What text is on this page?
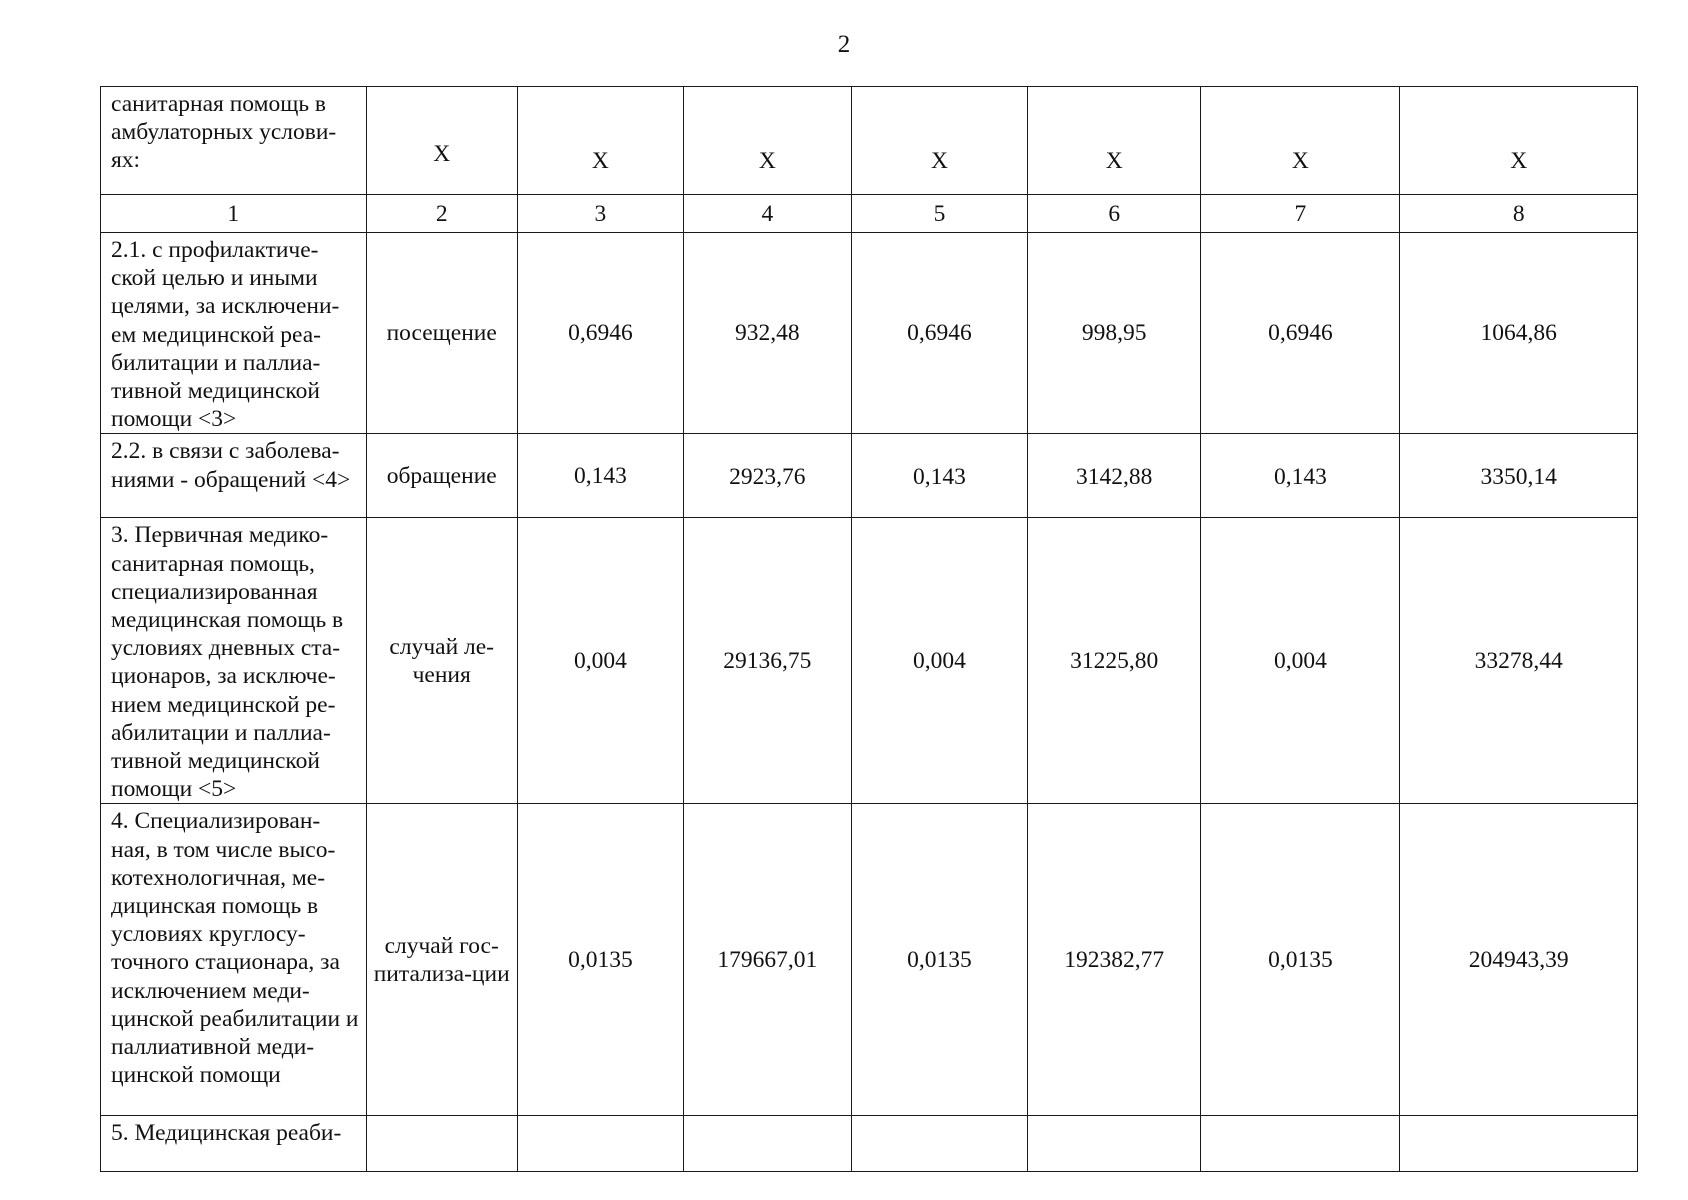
2
санитарная помощь в амбулаторных услови-ях:	X	X	X	X	X	X	X
1	2	3	4	5	6	7	8
2.1. с профилактиче-ской целью и иными целями, за исключени-ем медицинской реа-билитации и паллиа-тивной медицинской помощи <3>	посещение	0,6946	932,48	0,6946	998,95	0,6946	1064,86
2.2. в связи с заболева-ниями - обращений <4>	обращение	0,143	2923,76	0,143	3142,88	0,143	3350,14
3. Первичная медико-санитарная помощь, специализированная медицинская помощь в условиях дневных ста-ционаров, за исключе-нием медицинской ре-абилитации и паллиа-тивной медицинской помощи <5>	случай ле-чения	0,004	29136,75	0,004	31225,80	0,004	33278,44
4. Специализирован-ная, в том числе высо-котехнологичная, ме-дицинская помощь в условиях круглосу-точного стационара, за исключением меди-цинской реабилитации и паллиативной меди-цинской помощи	случай гос-питализа-ции	0,0135	179667,01	0,0135	192382,77	0,0135	204943,39
5. Медицинская реаби-							
